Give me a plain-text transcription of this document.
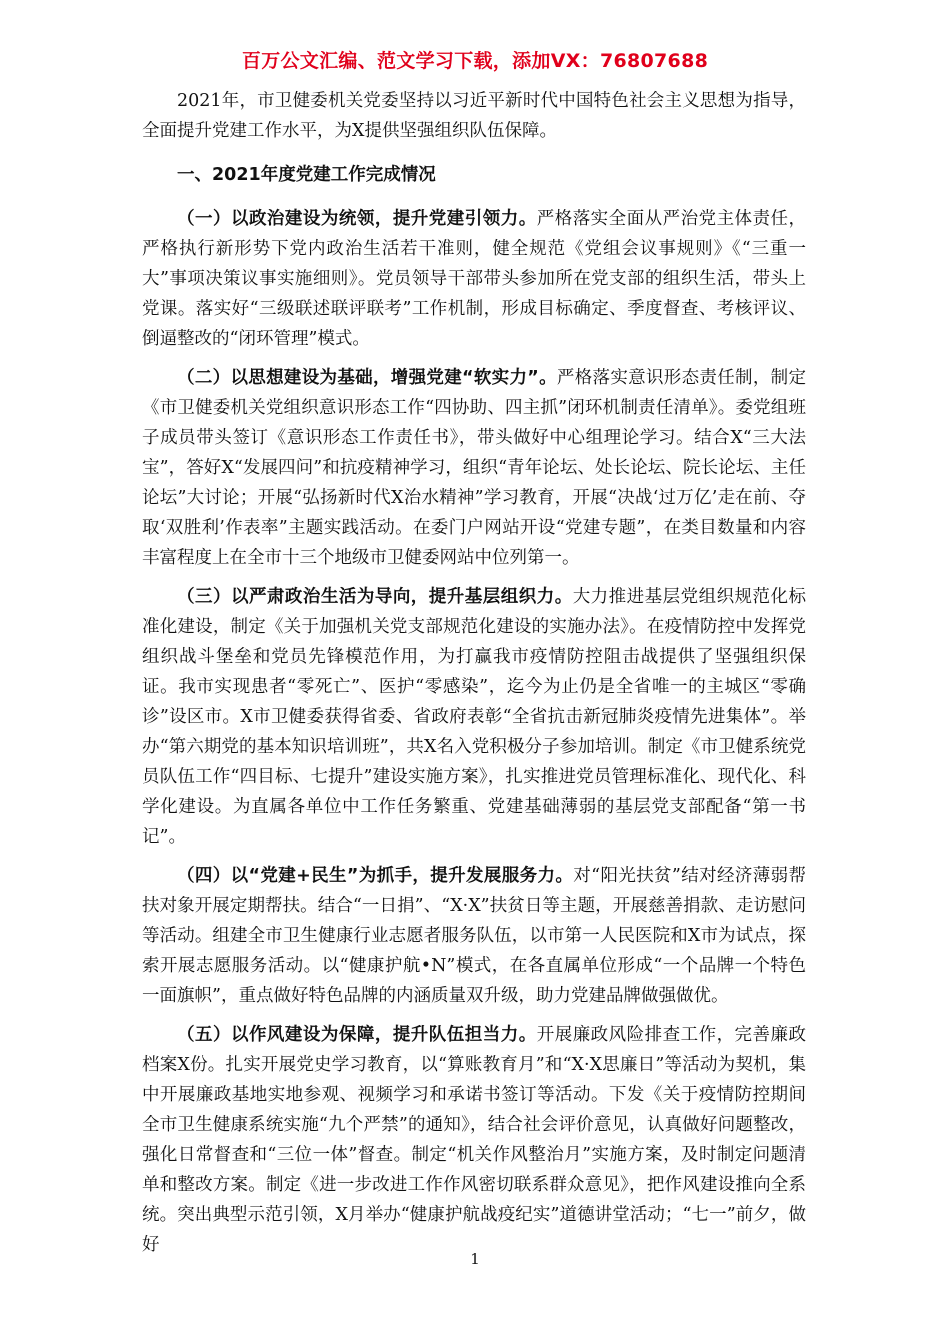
百万公文汇编、范文学习下载，添加VX：76807688

2021年，市卫健委机关党委坚持以习近平新时代中国特色社会主义思想为指导，全面提升党建工作水平，为X提供坚强组织队伍保障。

一、2021年度党建工作完成情况

（一）以政治建设为统领，提升党建引领力。严格落实全面从严治党主体责任，严格执行新形势下党内政治生活若干准则，健全规范《党组会议事规则》《“三重一大”事项决策议事实施细则》。党员领导干部带头参加所在党支部的组织生活，带头上党课。落实好“三级联述联评联考”工作机制，形成目标确定、季度督查、考核评议、倒逼整改的“闭环管理”模式。

（二）以思想建设为基础，增强党建“软实力”。严格落实意识形态责任制，制定《市卫健委机关党组织意识形态工作“四协助、四主抓”闭环机制责任清单》。委党组班子成员带头签订《意识形态工作责任书》，带头做好中心组理论学习。结合X“三大法宝”，答好X“发展四问”和抗疫精神学习，组织“青年论坛、处长论坛、院长论坛、主任论坛”大讨论；开展“弘扬新时代X治水精神”学习教育，开展“决战‘过万亿’走在前、夺取‘双胜利’作表率”主题实践活动。在委门户网站开设“党建专题”，在类目数量和内容丰富程度上在全市十三个地级市卫健委网站中位列第一。

（三）以严肃政治生活为导向，提升基层组织力。大力推进基层党组织规范化标准化建设，制定《关于加强机关党支部规范化建设的实施办法》。在疫情防控中发挥党组织战斗堡垒和党员先锋模范作用，为打赢我市疫情防控阻击战提供了坚强组织保证。我市实现患者“零死亡”、医护“零感染”，迄今为止仍是全省唯一的主城区“零确诊”设区市。X市卫健委获得省委、省政府表彰“全省抗击新冠肺炎疫情先进集体”。举办“第六期党的基本知识培训班”，共X名入党积极分子参加培训。制定《市卫健系统党员队伍工作“四目标、七提升”建设实施方案》，扎实推进党员管理标准化、现代化、科学化建设。为直属各单位中工作任务繁重、党建基础薄弱的基层党支部配备“第一书记”。

（四）以“党建+民生”为抓手，提升发展服务力。对“阳光扶贫”结对经济薄弱帮扶对象开展定期帮扶。结合“一日捐”、“X·X”扶贫日等主题，开展慈善捐款、走访慰问等活动。组建全市卫生健康行业志愿者服务队伍，以市第一人民医院和X市为试点，探索开展志愿服务活动。以“健康护航•N”模式，在各直属单位形成“一个品牌一个特色一面旗帜”，重点做好特色品牌的内涵质量双升级，助力党建品牌做强做优。

（五）以作风建设为保障，提升队伍担当力。开展廉政风险排查工作，完善廉政档案X份。扎实开展党史学习教育，以“算账教育月”和“X·X思廉日”等活动为契机，集中开展廉政基地实地参观、视频学习和承诺书签订等活动。下发《关于疫情防控期间全市卫生健康系统实施“九个严禁”的通知》，结合社会评价意见，认真做好问题整改，强化日常督查和“三位一体”督查。制定“机关作风整治月”实施方案，及时制定问题清单和整改方案。制定《进一步改进工作作风密切联系群众意见》，把作风建设推向全系统。突出典型示范引领，X月举办“健康护航战疫纪实”道德讲堂活动；“七一”前夕，做好

1
